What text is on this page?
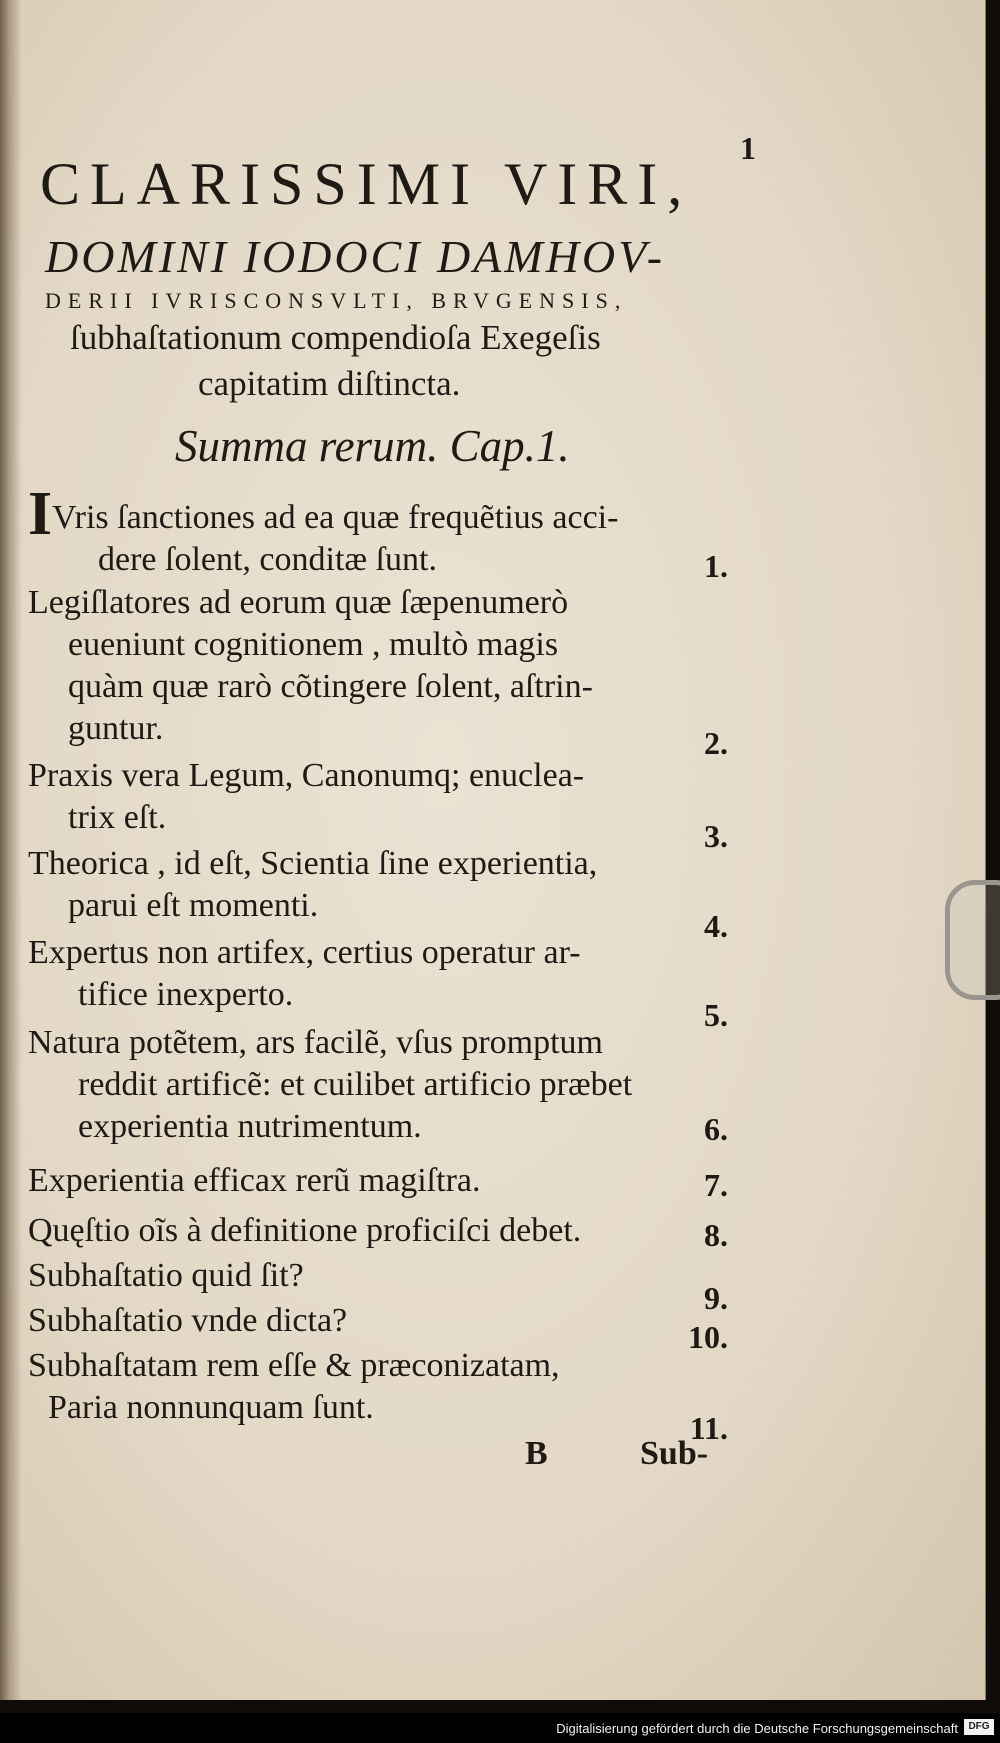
1
CLARISSIMI VIRI,
DOMINI IODOCI DAMHOV-
DERII IVRISCONSVLTI, BRVGENSIS,
ſubhaſtationum compendioſa Exegeſis
capitatim diſtincta.
Summa rerum. Cap.1.
IVris ſanctiones ad ea quæ frequẽtius acci-
dere ſolent, conditæ ſunt.	1.
Legiſlatores ad eorum quæ ſæpenumerò
eueniunt cognitionem , multò magis
quàm quæ rarò cõtingere ſolent, aſtrin-
guntur.	2.
Praxis vera Legum, Canonumq; enuclea-
trix eſt.	3.
Theorica , id eſt, Scientia ſine experientia,
parui eſt momenti.
4.
Expertus non artifex, certius operatur ar-
tifice inexperto.
5.
Natura potẽtem, ars facilẽ, vſus promptum
reddit artificẽ: et cuilibet artificio præbet
experientia nutrimentum.	6.
Experientia efficax rerũ magiſtra.	7.
Quęſtio oĩs à definitione proficiſci debet.	8.
Subhaſtatio quid ſit?
9.
Subhaſtatio vnde dicta?	10.
Subhaſtatam rem eſſe & præconizatam,
Paria nonnunquam ſunt.
11.
B	Sub-
Digitalisierung gefördert durch die Deutsche Forschungsgemeinschaft	DFG
